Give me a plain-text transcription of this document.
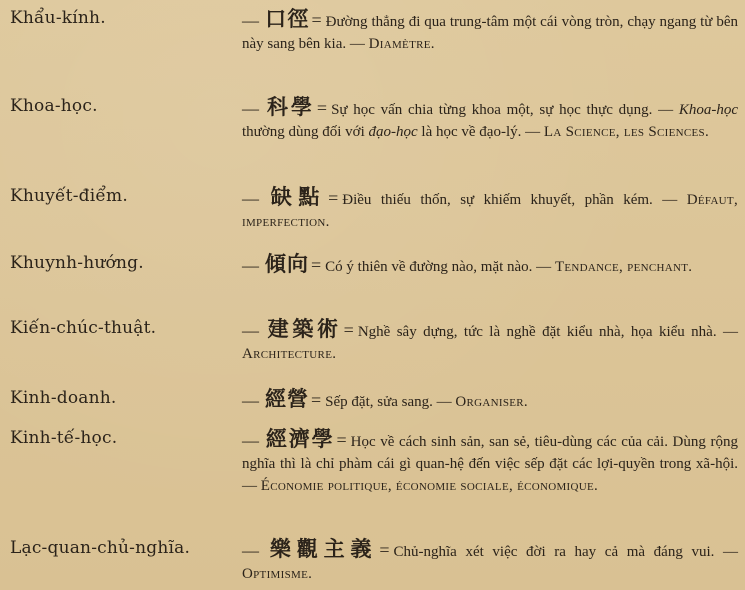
Khẩu-kính.	— 口徑 = Đường thẳng đi qua trung-tâm một cái vòng tròn, chạy ngang từ bên này sang bên kia. — Diamètre.
Khoa-học.	— 科學 = Sự học vấn chia từng khoa một, sự học thực dụng. — Khoa-học thường dùng đối với đạo-học là học về đạo-lý. — La Science, les Sciences.
Khuyết-điểm.	— 缺點 = Điều thiếu thốn, sự khiếm khuyết, phần kém. — Défaut, imperfection.
Khuynh-hướng.	— 傾向 = Có ý thiên về đường nào, mặt nào. — Tendance, penchant.
Kiến-chúc-thuật.	— 建築術 = Nghề sây dựng, tức là nghề đặt kiểu nhà, họa kiểu nhà. — Architecture.
Kinh-doanh.	— 經營 = Sếp đặt, sửa sang. — Organiser.
Kinh-tế-học.	— 經濟學 = Học về cách sinh sản, san sẻ, tiêu-dùng các của cải. Dùng rộng nghĩa thì là chỉ phàm cái gì quan-hệ đến việc sếp đặt các lợi-quyền trong xã-hội. — Économie politique, économie sociale, économique.
Lạc-quan-chủ-nghĩa.	— 樂觀主義 = Chủ-nghĩa xét việc đời ra hay cả mà đáng vui. — Optimisme.
